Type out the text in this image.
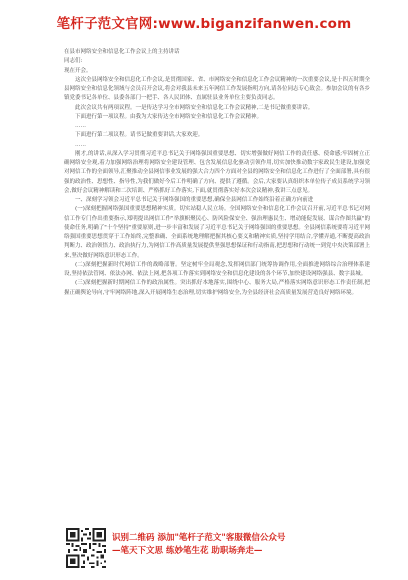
笔杆子范文官网:www.biganzifanwen.com
在县市网络安全和信息化工作会议上的主持讲话
同志们:
现在开会。
这次全县网络安全和信息化工作会议,是贯彻国家、省、市网络安全和信息化工作会议精神的一次重要会议,是十四五时期全县网络安全和信息化领域与会员召开会议,将会对我县未来五年网信工作发展指明方向,请各位同志专心致会。参加会议的有各乡镇党委书记各单位、县委各部门一把手、各人民团体、直属驻县业务单位主要负责同志。
此次会议共有两项议程。一是传达学习全市网络安全和信息化工作会议精神,二是书记做重要讲话。
下面进行第一项议程。由我为大家传达全市网络安全和信息化工作会议精神。
……
下面进行第二项议程。请书记做重要讲话,大家欢迎。
……
刚才,的讲话,从深入学习贯彻习近平总书记关于网络强国重要思想、切实增强做好网信工作的责任感、使命感;牢固树立正确网络安全观,着力加强网络治理将网络安全建设管理、包含发展信息化驱动引领作用,切实加快推动数字家政民生建设,加强党对网信工作的全面领导,汇聚推动全县网信事业发展的强大合力四个方面对全县的网络安全和信息化工作进行了全面部署,具有很强的政治性、思想性、指导性,为我们做好今后工作明确了方向、提供了遵循。会后,大家要认真组织本单位传子成员系统学习领会,做好会议精神解读和二次培训、严格抓好工作落实,下面,就贯彻落实好本次会议精神,我讲三点意见。
一、深刻学习领会习近平总书记关于网络强国的重要思想,确保全县网信工作始终沿着正确方向前进
(一)深刻把握网络强国重要思想精神实质。切实站稳人民立场。全国网络安全和信息化工作会议召开前,习近平总书记对网信工作专门作出重要指示,郑明提出网信工作"举旗帜聚民心、防风险保安全、强治理惠民生、增动能促发展、谋合作图共赢"的使命任务,明确了"十个坚持"重要原则,进一步丰富和发展了习近平总书记关于网络强国的重要思想。全县网信系统要将习近平网络强国重要思想贯穿于工作始终,完整准确、全面系统地理解把握其核心要义和精神实质,坚持学用结合,学懂弄通,不断提高政治判断力、政治领悟力、政治执行力,为网信工作高质量发展提供坚强思想保证和行动指南,把思想和行动统一到党中央决策部署上来,坚决做好网络意识形态工作。
(二)深刻把握新时代网信工作的战略部署。坚定树牢全局观念,发挥网信部门统筹协调作用,全面推进网络综合治理体系建设,坚持依法管网、依法办网、依法上网,把各项工作落实到网络安全和信息化建设的各个环节,加快建设网络强县、数字县城。
(三)深刻把握新时期网信工作的政治属性。突出抓好本地落实,围绕中心、服务大局,严格落实网络意识形态工作责任制,把握正确舆论导向,守牢网络阵地,深入开展网络生态治理,切实维护网络安全,为全县经济社会高质量发展营造良好网络环境。
识别二维码 添加"笔杆子范文"客服微信公众号
—笔天下文思 练妙笔生花 助职场奔走—
